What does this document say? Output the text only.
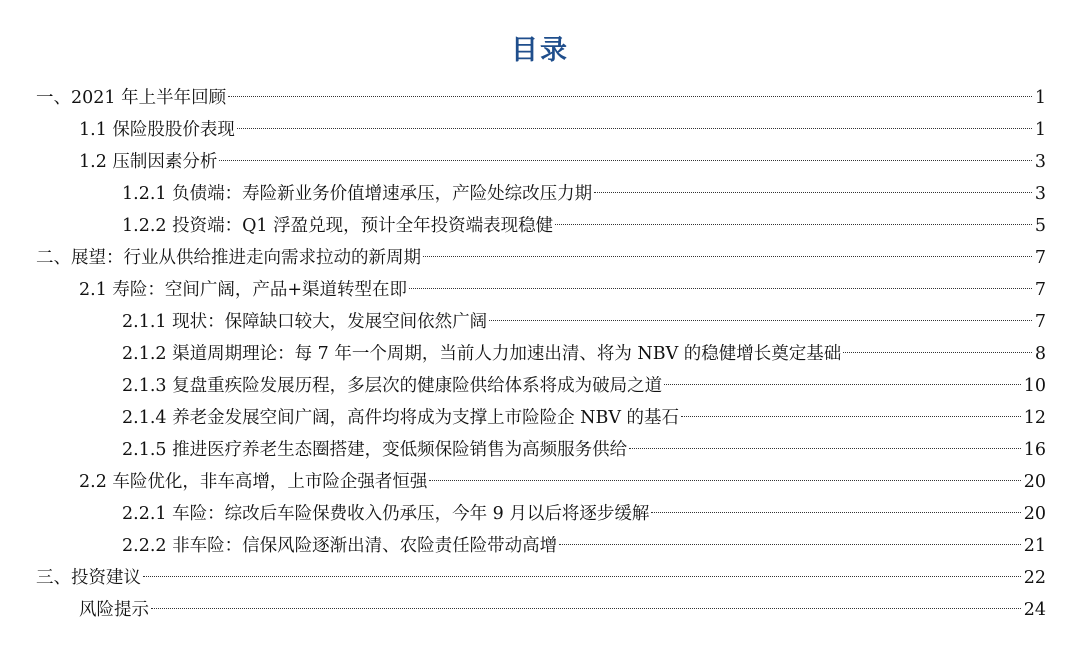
目录
一、2021 年上半年回顾	1
1.1 保险股股价表现	1
1.2 压制因素分析	3
1.2.1 负债端：寿险新业务价值增速承压，产险处综改压力期	3
1.2.2 投资端：Q1 浮盈兑现，预计全年投资端表现稳健	5
二、展望：行业从供给推进走向需求拉动的新周期	7
2.1 寿险：空间广阔，产品+渠道转型在即	7
2.1.1 现状：保障缺口较大，发展空间依然广阔	7
2.1.2 渠道周期理论：每 7 年一个周期，当前人力加速出清、将为 NBV 的稳健增长奠定基础	8
2.1.3 复盘重疾险发展历程，多层次的健康险供给体系将成为破局之道	10
2.1.4 养老金发展空间广阔，高件均将成为支撑上市险险企 NBV 的基石	12
2.1.5 推进医疗养老生态圈搭建，变低频保险销售为高频服务供给	16
2.2 车险优化，非车高增，上市险企强者恒强	20
2.2.1 车险：综改后车险保费收入仍承压，今年 9 月以后将逐步缓解	20
2.2.2 非车险：信保风险逐渐出清、农险责任险带动高增	21
三、投资建议	22
风险提示	24
